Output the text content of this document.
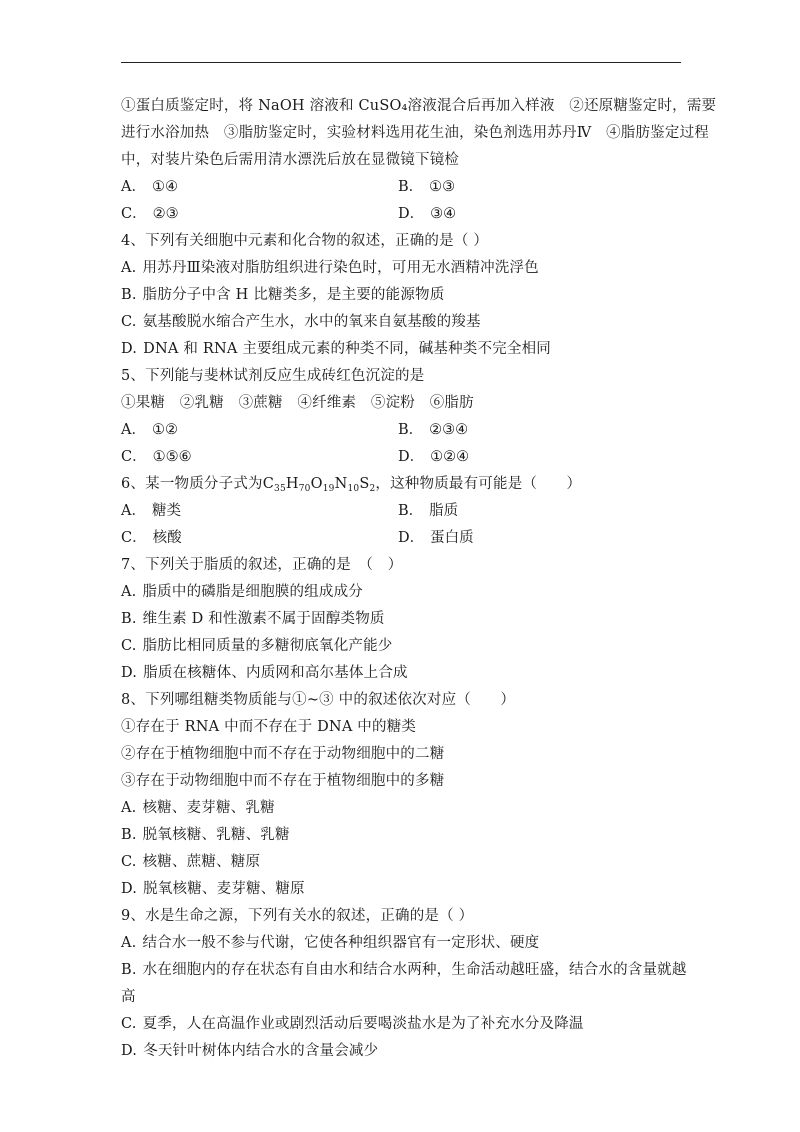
①蛋白质鉴定时，将 NaOH 溶液和 CuSO₄溶液混合后再加入样液　②还原糖鉴定时，需要
进行水浴加热　③脂肪鉴定时，实验材料选用花生油，染色剂选用苏丹Ⅳ　④脂肪鉴定过程
中，对装片染色后需用清水漂洗后放在显微镜下镜检
A． ①④	B． ①③
C． ②③	D． ③④
4、下列有关细胞中元素和化合物的叙述，正确的是（ ）
A. 用苏丹Ⅲ染液对脂肪组织进行染色时，可用无水酒精冲洗浮色
B. 脂肪分子中含 H 比糖类多，是主要的能源物质
C. 氨基酸脱水缩合产生水，水中的氧来自氨基酸的羧基
D. DNA 和 RNA 主要组成元素的种类不同，碱基种类不完全相同
5、下列能与斐林试剂反应生成砖红色沉淀的是
①果糖　②乳糖　③蔗糖　④纤维素　⑤淀粉　⑥脂肪
A． ①②	B． ②③④
C． ①⑤⑥	D． ①②④
6、某一物质分子式为$C_{35}H_{70}O_{19}N_{10}S_2$，这种物质最有可能是（　　）
A． 糖类	B． 脂质
C． 核酸	D． 蛋白质
7、下列关于脂质的叙述，正确的是　（　）
A. 脂质中的磷脂是细胞膜的组成成分
B. 维生素 D 和性激素不属于固醇类物质
C. 脂肪比相同质量的多糖彻底氧化产能少
D. 脂质在核糖体、内质网和高尔基体上合成
8、下列哪组糖类物质能与①~③ 中的叙述依次对应（　　）
①存在于 RNA 中而不存在于 DNA 中的糖类
②存在于植物细胞中而不存在于动物细胞中的二糖
③存在于动物细胞中而不存在于植物细胞中的多糖
A. 核糖、麦芽糖、乳糖
B. 脱氧核糖、乳糖、乳糖
C. 核糖、蔗糖、糖原
D. 脱氧核糖、麦芽糖、糖原
9、水是生命之源，下列有关水的叙述，正确的是（ ）
A. 结合水一般不参与代谢，它使各种组织器官有一定形状、硬度
B. 水在细胞内的存在状态有自由水和结合水两种，生命活动越旺盛，结合水的含量就越
高
C. 夏季，人在高温作业或剧烈活动后要喝淡盐水是为了补充水分及降温
D. 冬天针叶树体内结合水的含量会减少
